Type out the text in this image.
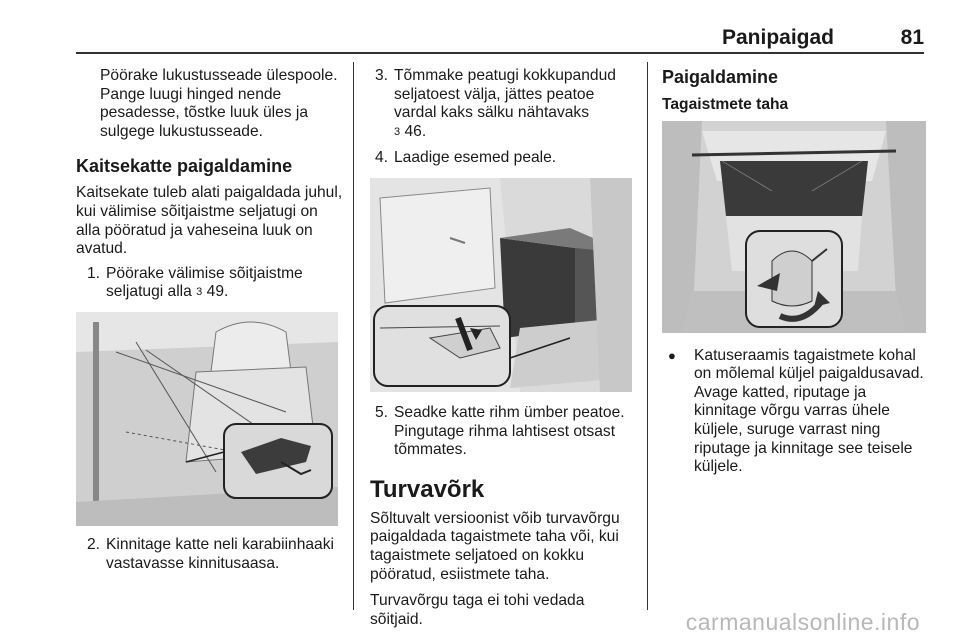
Panipaigad	81

Pöörake lukustusseade ülespoole. Pange luugi hinged nende pesadesse, tõstke luuk üles ja sulgege lukustusseade.

Kaitsekatte paigaldamine

Kaitsekate tuleb alati paigaldada juhul, kui välimise sõitjaistme seljatugi on alla pööratud ja vaheseina luuk on avatud.

1. Pöörake välimise sõitjaistme seljatugi alla 3 49.
2. Kinnitage katte neli karabiinhaaki vastavasse kinnitusaasa.
3. Tõmmake peatugi kokkupandud seljatoest välja, jättes peatoe vardal kaks sälku nähtavaks
3 46.
4. Laadige esemed peale.
5. Seadke katte rihm ümber peatoe. Pingutage rihma lahtisest otsast tõmmates.
Turvavõrk

Sõltuvalt versioonist võib turvavõrgu paigaldada tagaistmete taha või, kui tagaistmete seljatoed on kokku pööratud, esiistmete taha.

Turvavõrgu taga ei tohi vedada sõitjaid.

Paigaldamine

Tagaistmete taha

●	Katuseraamis tagaistmete kohal on mõlemal küljel paigaldusavad. Avage katted, riputage ja kinnitage võrgu varras ühele küljele, suruge varrast ning riputage ja kinnitage see teisele küljele.
carmanualsonline.info
